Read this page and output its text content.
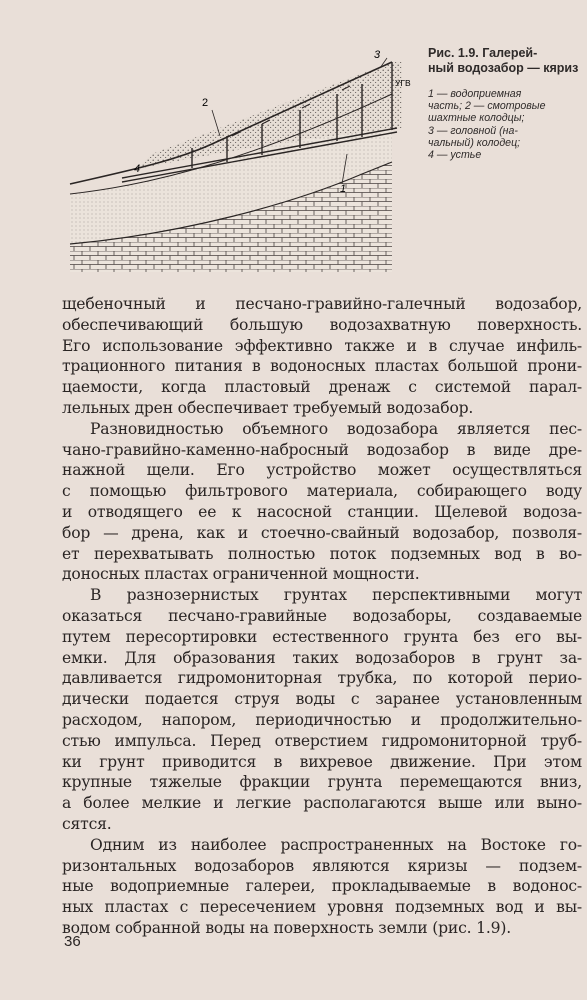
2
3
УГВ
4
1
Рис. 1.9. Галерей-
ный водозабор — кяриз
1 — водоприемная
часть; 2 — смотровые
шахтные колодцы;
3 — головной (на-
чальный) колодец;
4 — устье
щебеночный и песчано-гравийно-галечный водозабор,
обеспечивающий большую водозахватную поверхность.
Его использование эффективно также и в случае инфиль-
трационного питания в водоносных пластах большой прони-
цаемости, когда пластовый дренаж с системой парал-
лельных дрен обеспечивает требуемый водозабор.
Разновидностью объемного водозабора является пес-
чано-гравийно-каменно-набросный водозабор в виде дре-
нажной щели. Его устройство может осуществляться
с помощью фильтрового материала, собирающего воду
и отводящего ее к насосной станции. Щелевой водоза-
бор — дрена, как и стоечно-свайный водозабор, позволя-
ет перехватывать полностью поток подземных вод в во-
доносных пластах ограниченной мощности.
В разнозернистых грунтах перспективными могут
оказаться песчано-гравийные водозаборы, создаваемые
путем пересортировки естественного грунта без его вы-
емки. Для образования таких водозаборов в грунт за-
давливается гидромониторная трубка, по которой перио-
дически подается струя воды с заранее установленным
расходом, напором, периодичностью и продолжительно-
стью импульса. Перед отверстием гидромониторной труб-
ки грунт приводится в вихревое движение. При этом
крупные тяжелые фракции грунта перемещаются вниз,
а более мелкие и легкие располагаются выше или выно-
сятся.
Одним из наиболее распространенных на Востоке го-
ризонтальных водозаборов являются кяризы — подзем-
ные водоприемные галереи, прокладываемые в водонос-
ных пластах с пересечением уровня подземных вод и вы-
водом собранной воды на поверхность земли (рис. 1.9).
36
